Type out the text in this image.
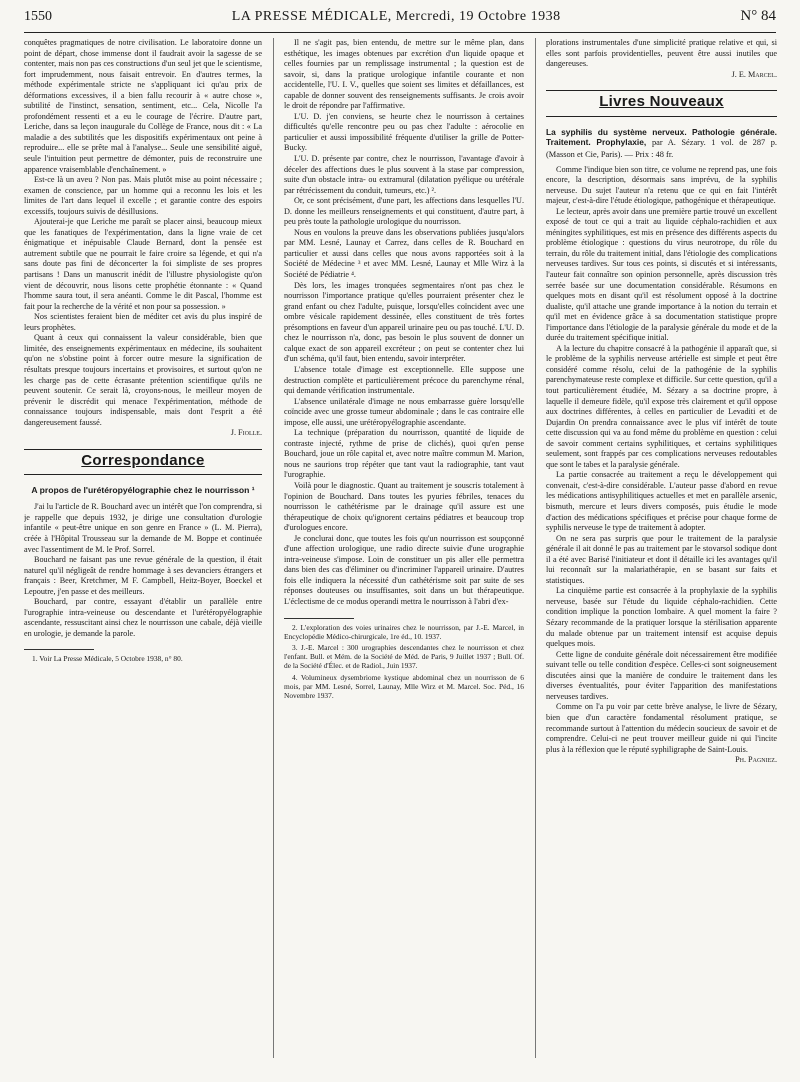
1550	LA PRESSE MÉDICALE, Mercredi, 19 Octobre 1938	N° 84

conquêtes pragmatiques de notre civilisation. Le laboratoire donne un point de départ, chose immense dont il faudrait avoir la sagesse de se contenter, mais non pas ces constructions d'un seul jet que le scientisme, fort imprudemment, nous faisait entrevoir. En d'autres termes, la méthode expérimentale stricte ne s'appliquant ici qu'au prix de déformations excessives, il a bien fallu recourir à « autre chose », subtilité de l'instinct, sensation, sentiment, etc... Cela, Nicolle l'a profondément ressenti et a eu le courage de l'écrire. D'autre part, Leriche, dans sa leçon inaugurale du Collège de France, nous dit : « La maladie a des subtilités que les dispositifs expérimentaux ont peine à reproduire... elle se prête mal à l'analyse... Seule une sensibilité aiguë, seule l'intuition peut permettre de démonter, puis de reconstruire une apparence vraisemblable d'enchaînement. »

Est-ce là un aveu ? Non pas. Mais plutôt mise au point nécessaire ; examen de conscience, par un homme qui a reconnu les lois et les limites de l'art dans lequel il excelle ; et garantie contre des espoirs excessifs, toujours suivis de désillusions.

Ajouterai-je que Leriche me paraît se placer ainsi, beaucoup mieux que les fanatiques de l'expérimentation, dans la ligne vraie de cet énigmatique et inépuisable Claude Bernard, dont la pensée est autrement subtile que ne pourrait le faire croire sa légende, et qui n'a sans doute pas fini de déconcerter la foi simpliste de ses propres partisans ! Dans un manuscrit inédit de l'illustre physiologiste qu'on vient de découvrir, nous lisons cette prophétie étonnante : « Quand l'homme saura tout, il sera anéanti. Comme le dit Pascal, l'homme est fait pour la recherche de la vérité et non pour sa possession. »

Nos scientistes feraient bien de méditer cet avis du plus inspiré de leurs prophètes.

Quant à ceux qui connaissent la valeur considérable, bien que limitée, des enseignements expérimentaux en médecine, ils souhaitent qu'on ne s'obstine point à forcer outre mesure la signification de résultats presque toujours incertains et provisoires, et surtout qu'on ne les charge pas de cette écrasante prétention scientifique qu'ils ne peuvent soutenir. Ce serait là, croyons-nous, le meilleur moyen de prévenir le discrédit qui menace l'expérimentation, méthode de connaissance toujours indispensable, mais dont l'esprit a été dangereusement faussé.

J. Fiolle.

Correspondance
A propos de l'urétéropyélographie chez le nourrisson ¹

J'ai lu l'article de R. Bouchard avec un intérêt que l'on comprendra, si je rappelle que depuis 1932, je dirige une consultation d'urologie infantile « peut-être unique en son genre en France » (L. M. Pierra), créée à l'Hôpital Trousseau sur la demande de M. Boppe et continuée avec l'assentiment de M. le Prof. Sorrel.

Bouchard ne faisant pas une revue générale de la question, il était naturel qu'il négligeât de rendre hommage à ses devanciers étrangers et français : Beer, Kretchmer, M F. Campbell, Heitz-Boyer, Boeckel et Lepoutre, j'en passe et des meilleurs.

Bouchard, par contre, essayant d'établir un parallèle entre l'urographie intra-veineuse ou descendante et l'urétéropyélographie ascendante, ressuscitant ainsi chez le nourrisson une cabale, déjà vieille en urologie, je demande la parole.

1. Voir La Presse Médicale, 5 Octobre 1938, n° 80.

Il ne s'agit pas, bien entendu, de mettre sur le même plan, dans esthétique, les images obtenues par excrétion d'un liquide opaque et celles fournies par un remplissage instrumental ; la question est de savoir, si, dans la pratique urologique infantile courante et non accidentelle, l'U. I. V., quelles que soient ses limites et défaillances, est capable de donner souvent des renseignements suffisants. Je crois avoir le droit de répondre par l'affirmative.

L'U. D. j'en conviens, se heurte chez le nourrisson à certaines difficultés qu'elle rencontre peu ou pas chez l'adulte : aérocolie en particulier et aussi impossibilité fréquente d'utiliser la grille de Potter-Bucky.

L'U. D. présente par contre, chez le nourrisson, l'avantage d'avoir à déceler des affections dues le plus souvent à la stase par compression, suite d'un obstacle intra- ou extramural (dilatation pyélique ou urétérale par rétrécissement du conduit, tumeurs, etc.) ².

Or, ce sont précisément, d'une part, les affections dans lesquelles l'U. D. donne les meilleurs renseignements et qui constituent, d'autre part, à peu près toute la pathologie urologique du nourrisson.

Nous en voulons la preuve dans les observations publiées jusqu'alors par MM. Lesné, Launay et Carrez, dans celles de R. Bouchard en particulier et aussi dans celles que nous avons rapportées soit à la Société de Médecine ³ et avec MM. Lesné, Launay et Mlle Wirz à la Société de Pédiatrie ⁴.

Dès lors, les images tronquées segmentaires n'ont pas chez le nourrisson l'importance pratique qu'elles pourraient présenter chez le grand enfant ou chez l'adulte, puisque, lorsqu'elles coïncident avec une ombre vésicale rapidement dessinée, elles constituent de très fortes présomptions en faveur d'un appareil urinaire peu ou pas touché. L'U. D. chez le nourrisson n'a, donc, pas besoin le plus souvent de donner un calque exact de son appareil excréteur ; on peut se contenter chez lui d'un schéma, qu'il faut, bien entendu, savoir interpréter.

L'absence totale d'image est exceptionnelle. Elle suppose une destruction complète et particulièrement précoce du parenchyme rénal, qui demande vérification instrumentale.

L'absence unilatérale d'image ne nous embarrasse guère lorsqu'elle coïncide avec une grosse tumeur abdominale ; dans le cas contraire elle impose, elle aussi, une urétéropyélographie ascendante.

La technique (préparation du nourrisson, quantité de liquide de contraste injecté, rythme de prise de clichés), quoi qu'en pense Bouchard, joue un rôle capital et, avec notre maître commun M. Marion, nous ne saurions trop répéter que tant vaut la radiographie, tant vaut l'urographie.

Voilà pour le diagnostic. Quant au traitement je souscris totalement à l'opinion de Bouchard. Dans toutes les pyuries fébriles, tenaces du nourrisson le cathétérisme par le drainage qu'il assure est une thérapeutique de choix qu'ignorent certains pédiatres et beaucoup trop d'urologues encore.

Je conclurai donc, que toutes les fois qu'un nourrisson est soupçonné d'une affection urologique, une radio directe suivie d'une urographie intra-veineuse s'impose. Loin de constituer un pis aller elle permettra dans bien des cas d'éliminer ou d'incriminer l'appareil urinaire. D'autres fois elle indiquera la nécessité d'un cathétérisme soit par suite de ses réponses douteuses ou insuffisantes, soit dans un but thérapeutique. L'éclectisme de ce modus operandi mettra le nourrisson à l'abri d'ex-

2. L'exploration des voies urinaires chez le nourrisson, par J.-E. Marcel, in Encyclopédie Médico-chirurgicale, 1re éd., 10. 1937.

3. J.-E. Marcel : 300 urographies descendantes chez le nourrisson et chez l'enfant. Bull. et Mém. de la Société de Méd. de Paris, 9 Juillet 1937 ; Bull. Of. de la Société d'Élec. et de Radiol., Juin 1937.

4. Volumineux dysembriome kystique abdominal chez un nourrisson de 6 mois, par MM. Lesné, Sorrel, Launay, Mlle Wirz et M. Marcel. Soc. Péd., 16 Novembre 1937.

plorations instrumentales d'une simplicité pratique relative et qui, si elles sont parfois providentielles, peuvent être aussi inutiles que dangereuses.

J. E. Marcel.

Livres Nouveaux
La syphilis du système nerveux. Pathologie générale. Traitement. Prophylaxie, par A. Sézary. 1 vol. de 287 p. (Masson et Cie, Paris). — Prix : 48 fr.

Comme l'indique bien son titre, ce volume ne reprend pas, une fois encore, la description, désormais sans imprévu, de la syphilis nerveuse. Du sujet l'auteur n'a retenu que ce qui en fait l'intérêt majeur, c'est-à-dire l'étude étiologique, pathogénique et thérapeutique.

Le lecteur, après avoir dans une première partie trouvé un excellent exposé de tout ce qui a trait au liquide céphalo-rachidien et aux méningites syphilitiques, est mis en présence des différents aspects du problème étiologique : questions du virus neurotrope, du rôle du terrain, du rôle du traitement initial, dans l'étiologie des complications nerveuses tardives. Sur tous ces points, si discutés et si intéressants, l'auteur fait connaître son opinion personnelle, après discussion très serrée basée sur une documentation considérable. Résumons en quelques mots en disant qu'il est résolument opposé à la doctrine dualiste, qu'il attache une grande importance à la notion du terrain et qu'il met en évidence grâce à sa documentation statistique propre l'importance dans l'étiologie de la paralysie générale du mode et de la durée du traitement spécifique initial.

A la lecture du chapitre consacré à la pathogénie il apparaît que, si le problème de la syphilis nerveuse artérielle est simple et peut être considéré comme résolu, celui de la pathogénie de la syphilis parenchymateuse reste complexe et difficile. Sur cette question, qu'il a tout particulièrement étudiée, M. Sézary a sa doctrine propre, à laquelle il demeure fidèle, qu'il expose très clairement et qu'il oppose aux doctrines différentes, à celles en particulier de Levaditi et de Dujardin On prendra connaissance avec le plus vif intérêt de toute cette discussion qui va au fond même du problème en question : celui de savoir comment certains syphilitiques, et certains syphilitiques seulement, sont frappés par ces complications nerveuses redoutables que sont le tabes et la paralysie générale.

La partie consacrée au traitement a reçu le développement qui convenait, c'est-à-dire considérable. L'auteur passe d'abord en revue les médications antisyphilitiques actuelles et met en parallèle arsenic, bismuth, mercure et leurs divers composés, puis étudie le mode d'action des médications spécifiques et précise pour chaque forme de syphilis nerveuse le type de traitement à adopter.

On ne sera pas surpris que pour le traitement de la paralysie générale il ait donné le pas au traitement par le stovarsol sodique dont il a été avec Barisé l'initiateur et dont il détaille ici les avantages qu'il lui reconnaît sur la malariathérapie, en se basant sur faits et statistiques.

La cinquième partie est consacrée à la prophylaxie de la syphilis nerveuse, basée sur l'étude du liquide céphalo-rachidien. Cette condition implique la ponction lombaire. A quel moment la faire ? Sézary recommande de la pratiquer lorsque la stérilisation apparente du malade obtenue par un traitement intensif est acquise depuis quelques mois.

Cette ligne de conduite générale doit nécessairement être modifiée suivant telle ou telle condition d'espèce. Celles-ci sont soigneusement discutées ainsi que la manière de conduire le traitement dans les diverses éventualités, pour éviter l'apparition des manifestations nerveuses tardives.

Comme on l'a pu voir par cette brève analyse, le livre de Sézary, bien que d'un caractère fondamental résolument pratique, se recommande surtout à l'attention du médecin soucieux de savoir et de comprendre. Celui-ci ne peut trouver meilleur guide ni qui l'incite plus à la réflexion que le réputé syphiligraphe de Saint-Louis.

Ph. Pagniez.
